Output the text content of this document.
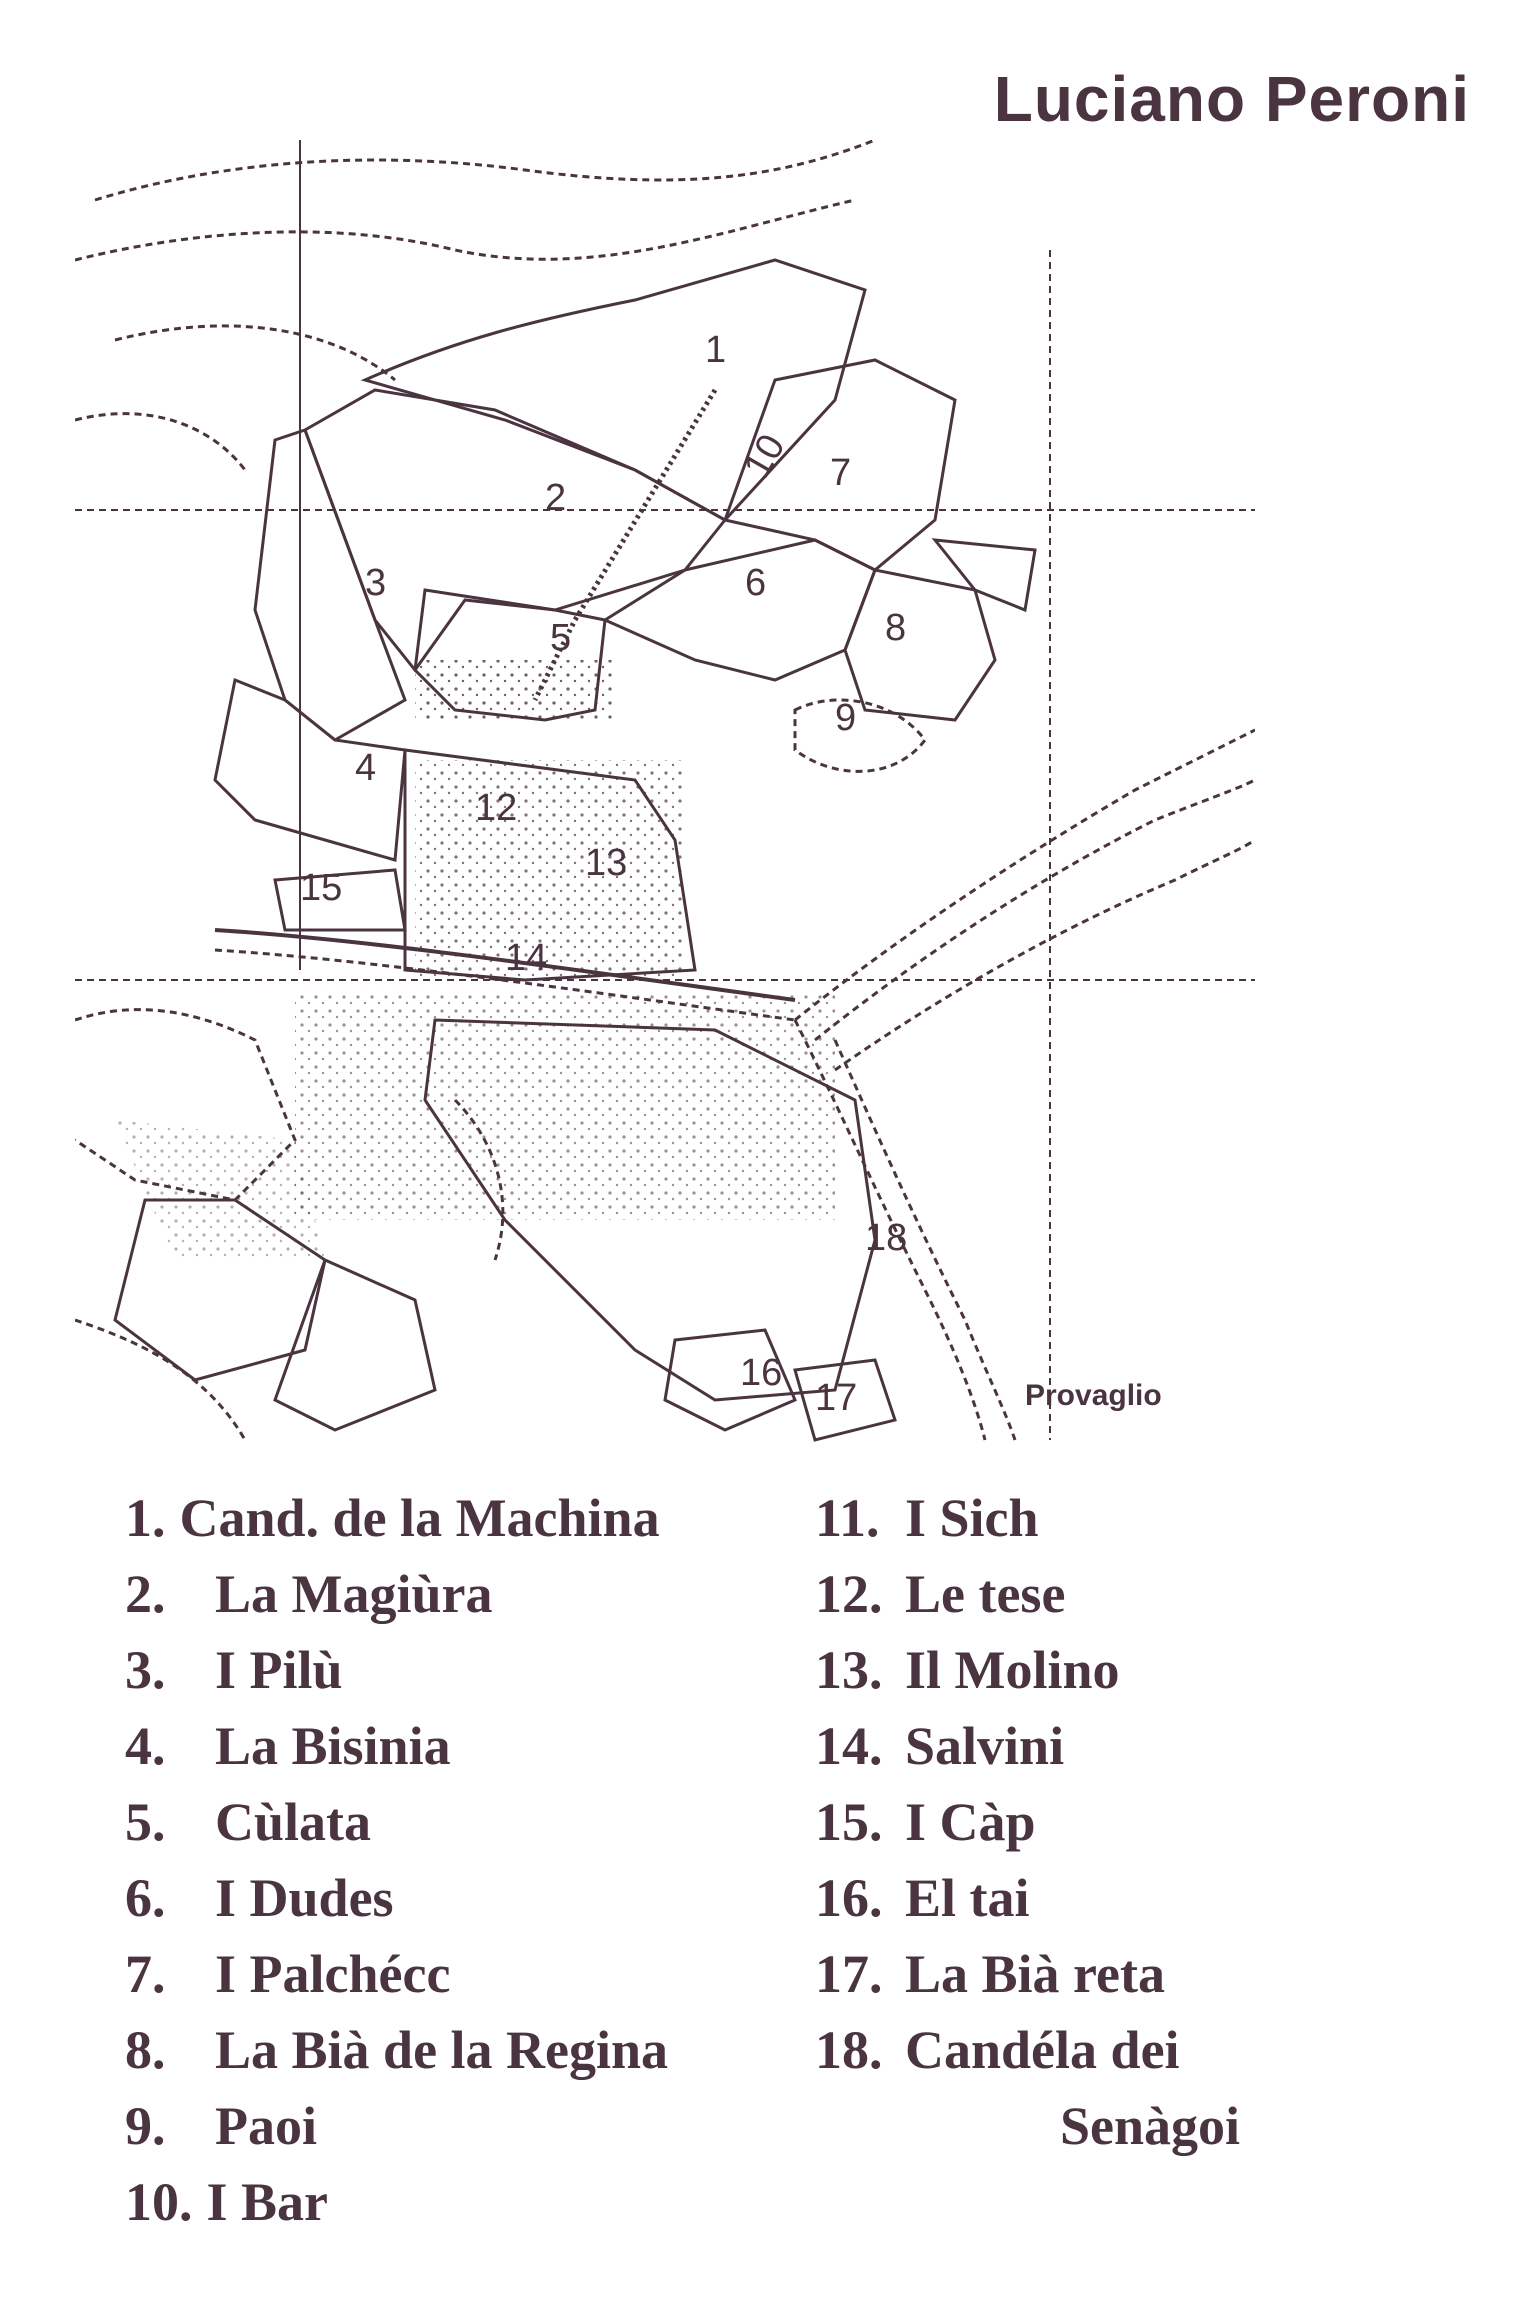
Luciano Peroni
1
2
3
4
5
6
7
8
9
10
12
13
14
15
16
17
18
Provaglio
1. Cand. de la Machina
2. La Magiùra
3. I Pilù
4. La Bisinia
5. Cùlata
6. I Dudes
7. I Palchécc
8. La Bià de la Regina
9. Paoi
10. I Bar
11. I Sich
12. Le tese
13. Il Molino
14. Salvini
15. I Càp
16. El tai
17. La Bià reta
18. Candéla dei
Senàgoi
